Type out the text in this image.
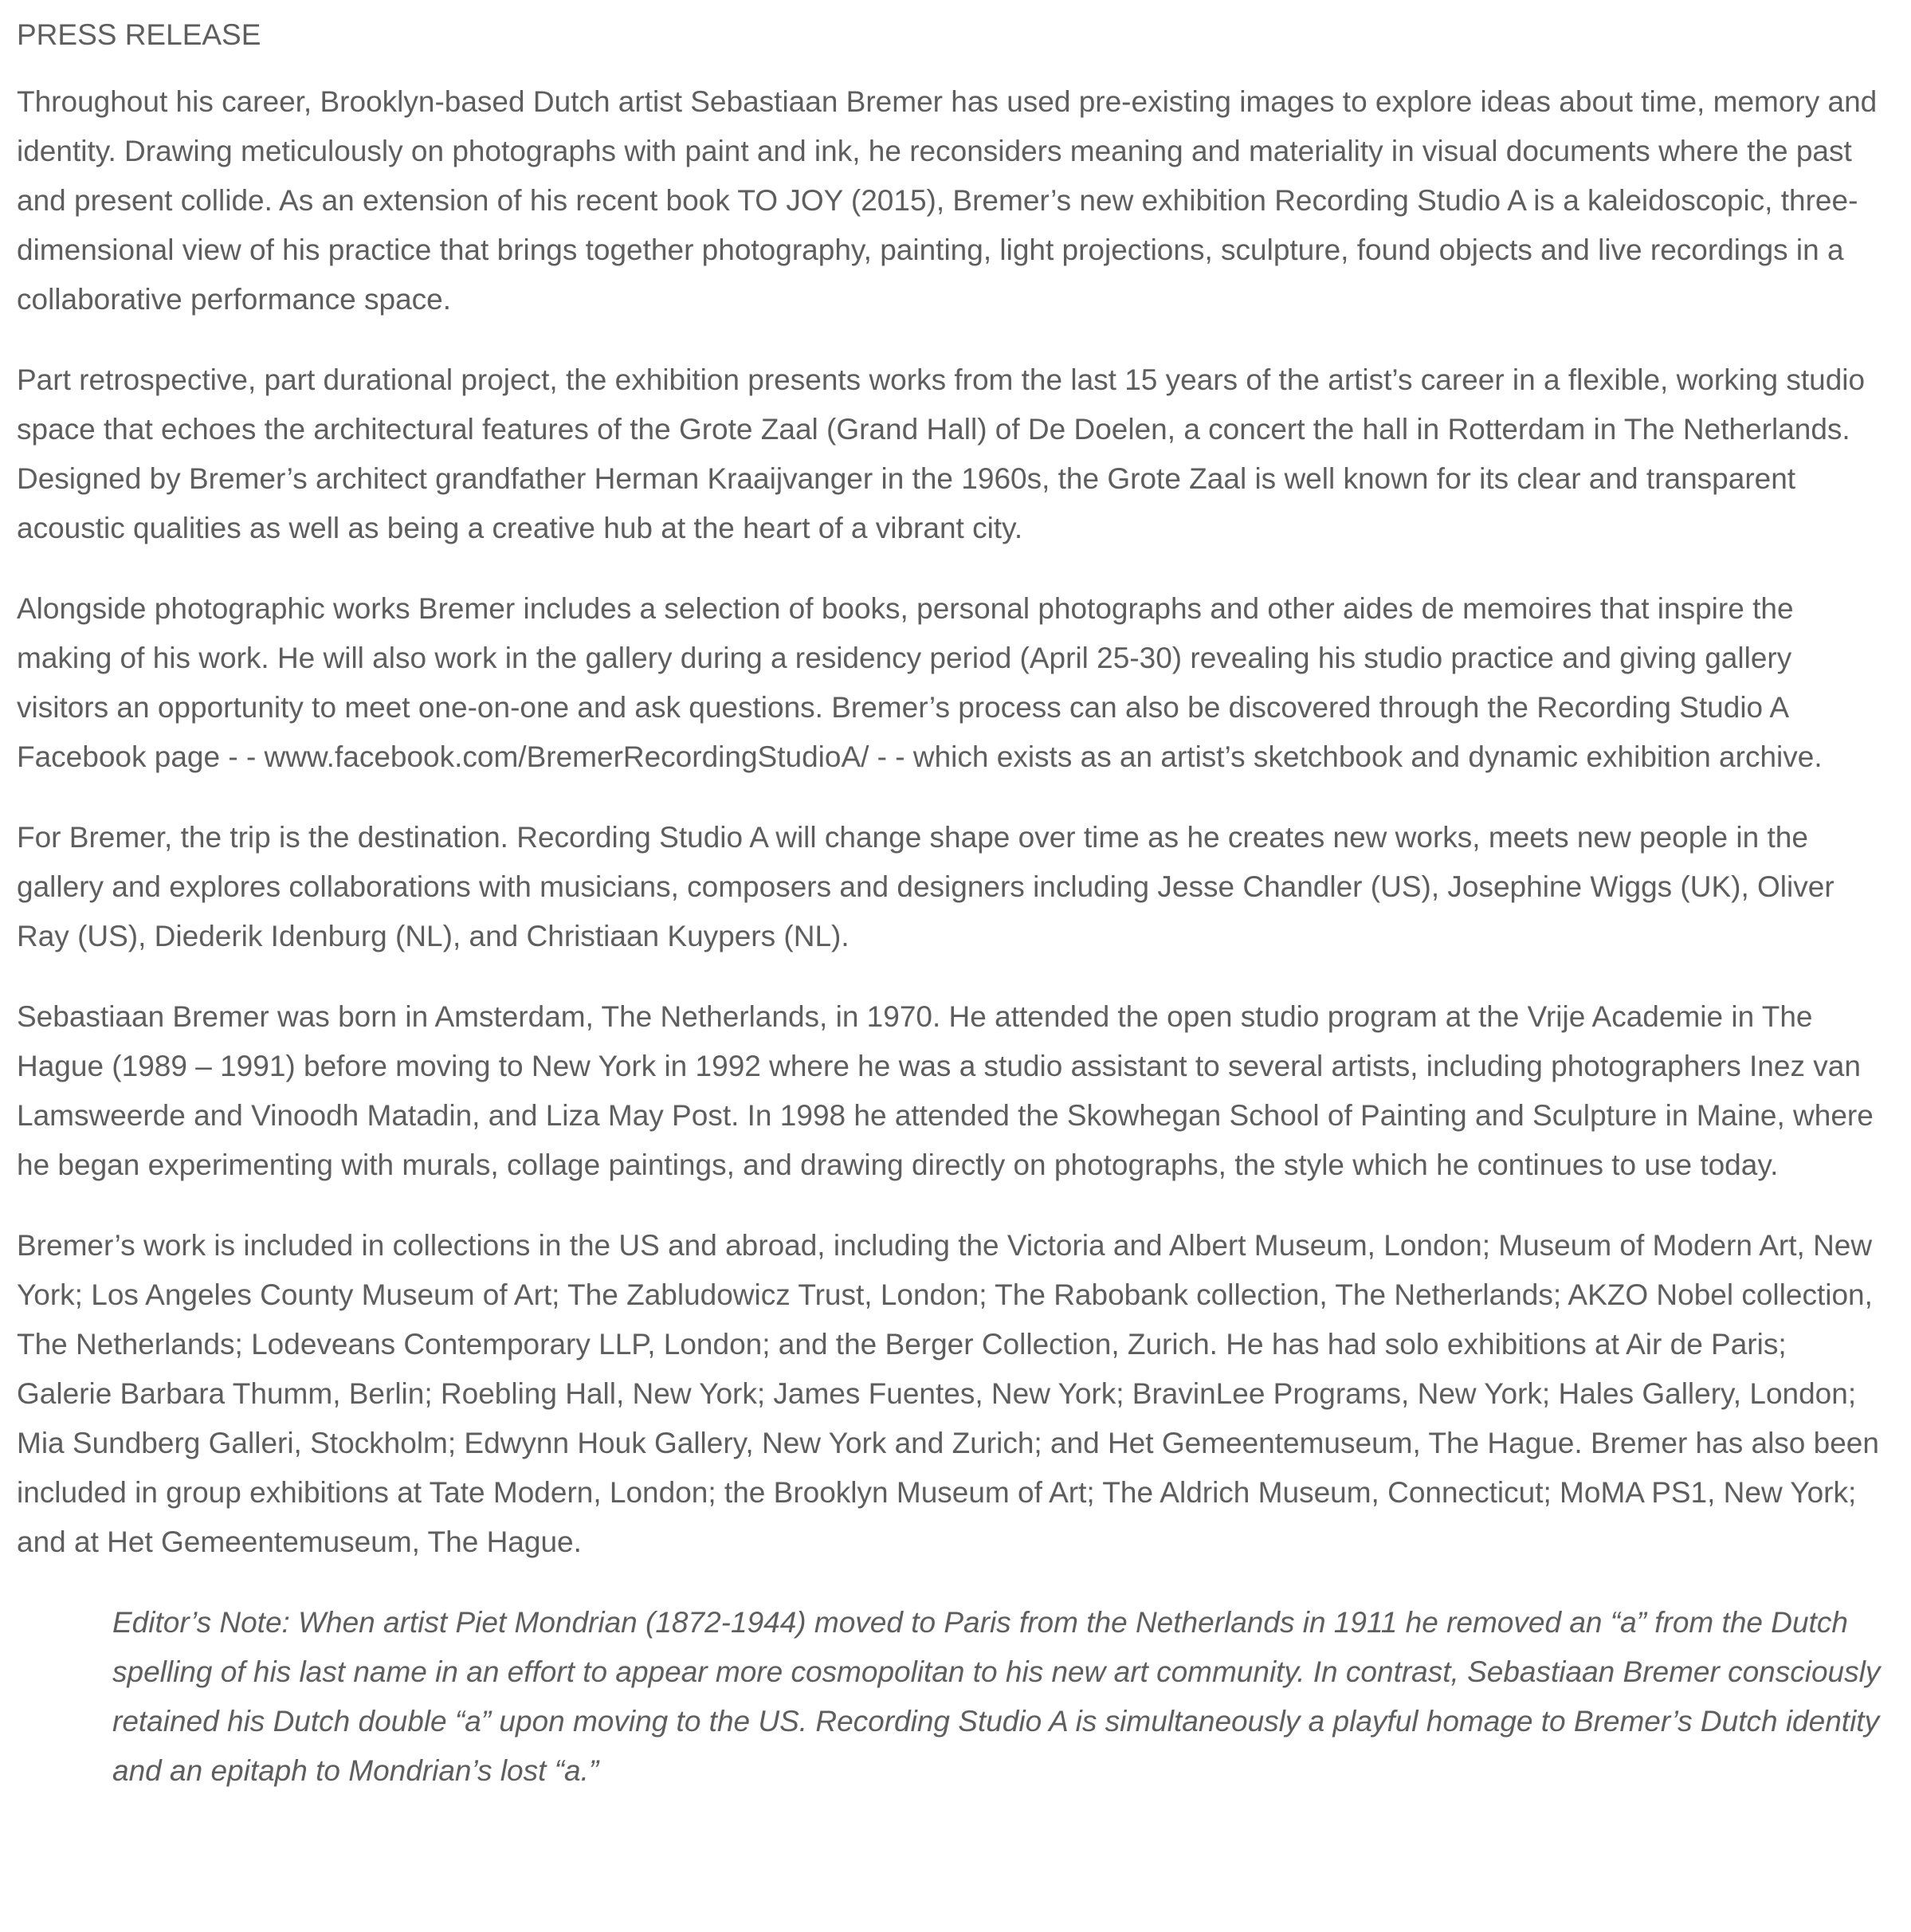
PRESS RELEASE

Throughout his career, Brooklyn-based Dutch artist Sebastiaan Bremer has used pre-existing images to explore ideas about time, memory and identity. Drawing meticulously on photographs with paint and ink, he reconsiders meaning and materiality in visual documents where the past and present collide. As an extension of his recent book TO JOY (2015), Bremer’s new exhibition Recording Studio A is a kaleidoscopic, three-dimensional view of his practice that brings together photography, painting, light projections, sculpture, found objects and live recordings in a collaborative performance space.

Part retrospective, part durational project, the exhibition presents works from the last 15 years of the artist’s career in a flexible, working studio space that echoes the architectural features of the Grote Zaal (Grand Hall) of De Doelen, a concert the hall in Rotterdam in The Netherlands. Designed by Bremer’s architect grandfather Herman Kraaijvanger in the 1960s, the Grote Zaal is well known for its clear and transparent acoustic qualities as well as being a creative hub at the heart of a vibrant city.

Alongside photographic works Bremer includes a selection of books, personal photographs and other aides de memoires that inspire the making of his work. He will also work in the gallery during a residency period (April 25-30) revealing his studio practice and giving gallery visitors an opportunity to meet one-on-one and ask questions. Bremer’s process can also be discovered through the Recording Studio A Facebook page - - www.facebook.com/BremerRecordingStudioA/ - - which exists as an artist’s sketchbook and dynamic exhibition archive.

For Bremer, the trip is the destination. Recording Studio A will change shape over time as he creates new works, meets new people in the gallery and explores collaborations with musicians, composers and designers including Jesse Chandler (US), Josephine Wiggs (UK), Oliver Ray (US), Diederik Idenburg (NL), and Christiaan Kuypers (NL).

Sebastiaan Bremer was born in Amsterdam, The Netherlands, in 1970. He attended the open studio program at the Vrije Academie in The Hague (1989 – 1991) before moving to New York in 1992 where he was a studio assistant to several artists, including photographers Inez van Lamsweerde and Vinoodh Matadin, and Liza May Post. In 1998 he attended the Skowhegan School of Painting and Sculpture in Maine, where he began experimenting with murals, collage paintings, and drawing directly on photographs, the style which he continues to use today.

Bremer’s work is included in collections in the US and abroad, including the Victoria and Albert Museum, London; Museum of Modern Art, New York; Los Angeles County Museum of Art; The Zabludowicz Trust, London; The Rabobank collection, The Netherlands; AKZO Nobel collection, The Netherlands; Lodeveans Contemporary LLP, London; and the Berger Collection, Zurich. He has had solo exhibitions at Air de Paris; Galerie Barbara Thumm, Berlin; Roebling Hall, New York; James Fuentes, New York; BravinLee Programs, New York; Hales Gallery, London; Mia Sundberg Galleri, Stockholm; Edwynn Houk Gallery, New York and Zurich; and Het Gemeentemuseum, The Hague. Bremer has also been included in group exhibitions at Tate Modern, London; the Brooklyn Museum of Art; The Aldrich Museum, Connecticut; MoMA PS1, New York; and at Het Gemeentemuseum, The Hague.

Editor’s Note: When artist Piet Mondrian (1872-1944) moved to Paris from the Netherlands in 1911 he removed an “a” from the Dutch spelling of his last name in an effort to appear more cosmopolitan to his new art community. In contrast, Sebastiaan Bremer consciously retained his Dutch double “a” upon moving to the US. Recording Studio A is simultaneously a playful homage to Bremer’s Dutch identity and an epitaph to Mondrian’s lost “a.”
